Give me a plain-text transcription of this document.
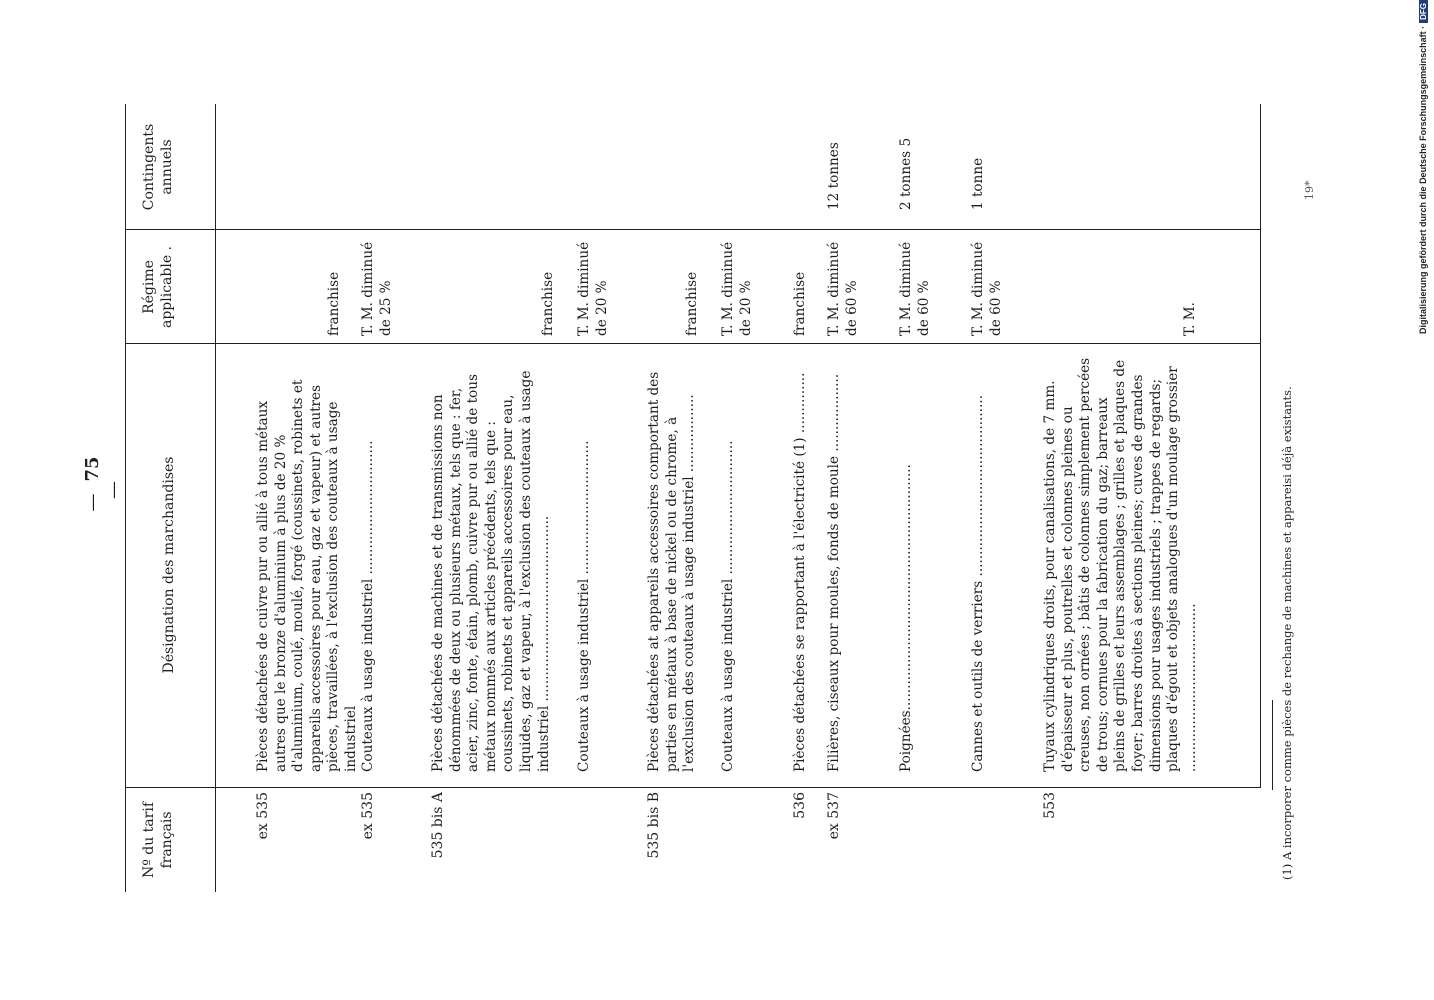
—75—
Nº du tarif français
Désignation des marchandises
Régime applicable .
Contingents annuels
ex 535
Pièces détachées de cuivre pur ou allié à tous métaux autres que le bronze d'aluminium à plus de 20 % d'aluminium, coulé, moulé, forgé (coussinets, robinets et appareils accessoires pour eau, gaz et vapeur) et autres pièces, travaillées, à l'exclusion des couteaux à usage industriel
franchise
ex 535
Couteaux à usage industriel ...............................
T. M. diminué de 25 %
535 bis A
Pièces détachées de machines et de transmissions non dénommées de deux ou plusieurs métaux, tels que : fer, acier, zinc, fonte, étain, plomb, cuivre pur ou allié de tous métaux nommés aux articles précédents, tels que : coussinets, robinets et appareils accessoires pour eau, liquides, gaz et vapeur, à l'exclusion des couteaux à usage industriel ...........................................
franchise
Couteaux à usage industriel ...............................
T. M. diminué de 20 %
535 bis B
Pièces détachées at appareils accessoires comportant des parties en métaux à base de nickel ou de chrome, à l'exclusion des couteaux à usage industriel ..................
franchise
Couteaux à usage industriel ...............................
T. M. diminué de 20 %
536
Pièces détachées se rapportant à l'électricité (1) ..............
franchise
ex 537
Filières, ciseaux pour moules, fonds de moule ..................
T. M. diminué de 60 %
12 tonnes
Poignées.........................................................
T. M. diminué de 60 %
2 tonnes 5
Cannes et outils de verriers ..........................................
T. M. diminué de 60 %
1 tonne
553
Tuyaux cylindriques droits, pour canalisations, de 7 mm. d'épaisseur et plus, poutrelles et colonnes pleines ou creuses, non ornées ; bâtis de colonnes simplement percées de trous; cornues pour la fabrication du gaz; barreaux pleins de grilles et leurs assemblages ; grilles et plaques de foyer; barres droites à sections pleines; cuves de grandes dimensions pour usages industriels ; trappes de regards; plaques d'égout et objets analogues d'un moulage grossier .......................................
T. M.
(1) A incorporer comme pièces de rechange de machines et appareisi déjà existants.
19*	Digitalisierung gefördert durch die Deutsche Forschungsgemeinschaft ·DFG
